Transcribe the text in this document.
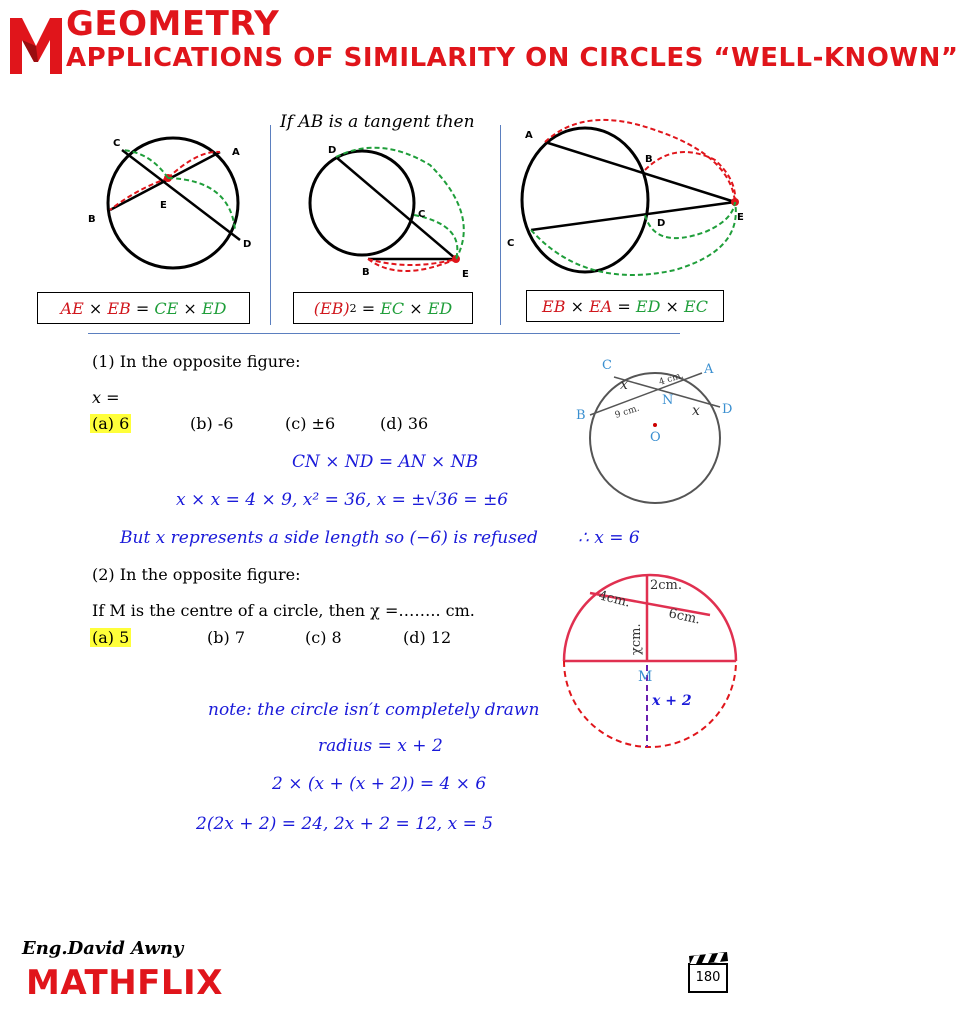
GEOMETRY
APPLICATIONS OF SIMILARITY ON CIRCLES “WELL-KNOWN”
If AB is a tangent then
C
A
B
E
D
D
C
B	E
A
B
E
D
C
AE
×
EB
=
CE
×
ED	(EB) 2
=
EC
×
ED	EB
×
EA
=
ED
×
EC
(1) In the opposite figure:
x =
(a) 6	(b) -6	(c) ±6	(d) 36
C	A
B	D
N
O
x
x
4 cm.
9 cm.
CN × ND = AN × NB
x × x = 4 × 9, x² = 36, x = ±√36 = ±6
But x represents a side length so (−6) is refused ∴ x = 6
(2) In the opposite figure:
If M is the centre of a circle, then χ =…….. cm.
(a) 5	(b) 7	(c) 8	(d) 12
2cm.
4cm.
6cm.
χcm.
M
x + 2
note: the circle isn′t completely drawn
radius = x + 2
2 × (x + (x + 2)) = 4 × 6
2(2x + 2) = 24, 2x + 2 = 12, x = 5
Eng.David Awny
MATHFLIX	180
